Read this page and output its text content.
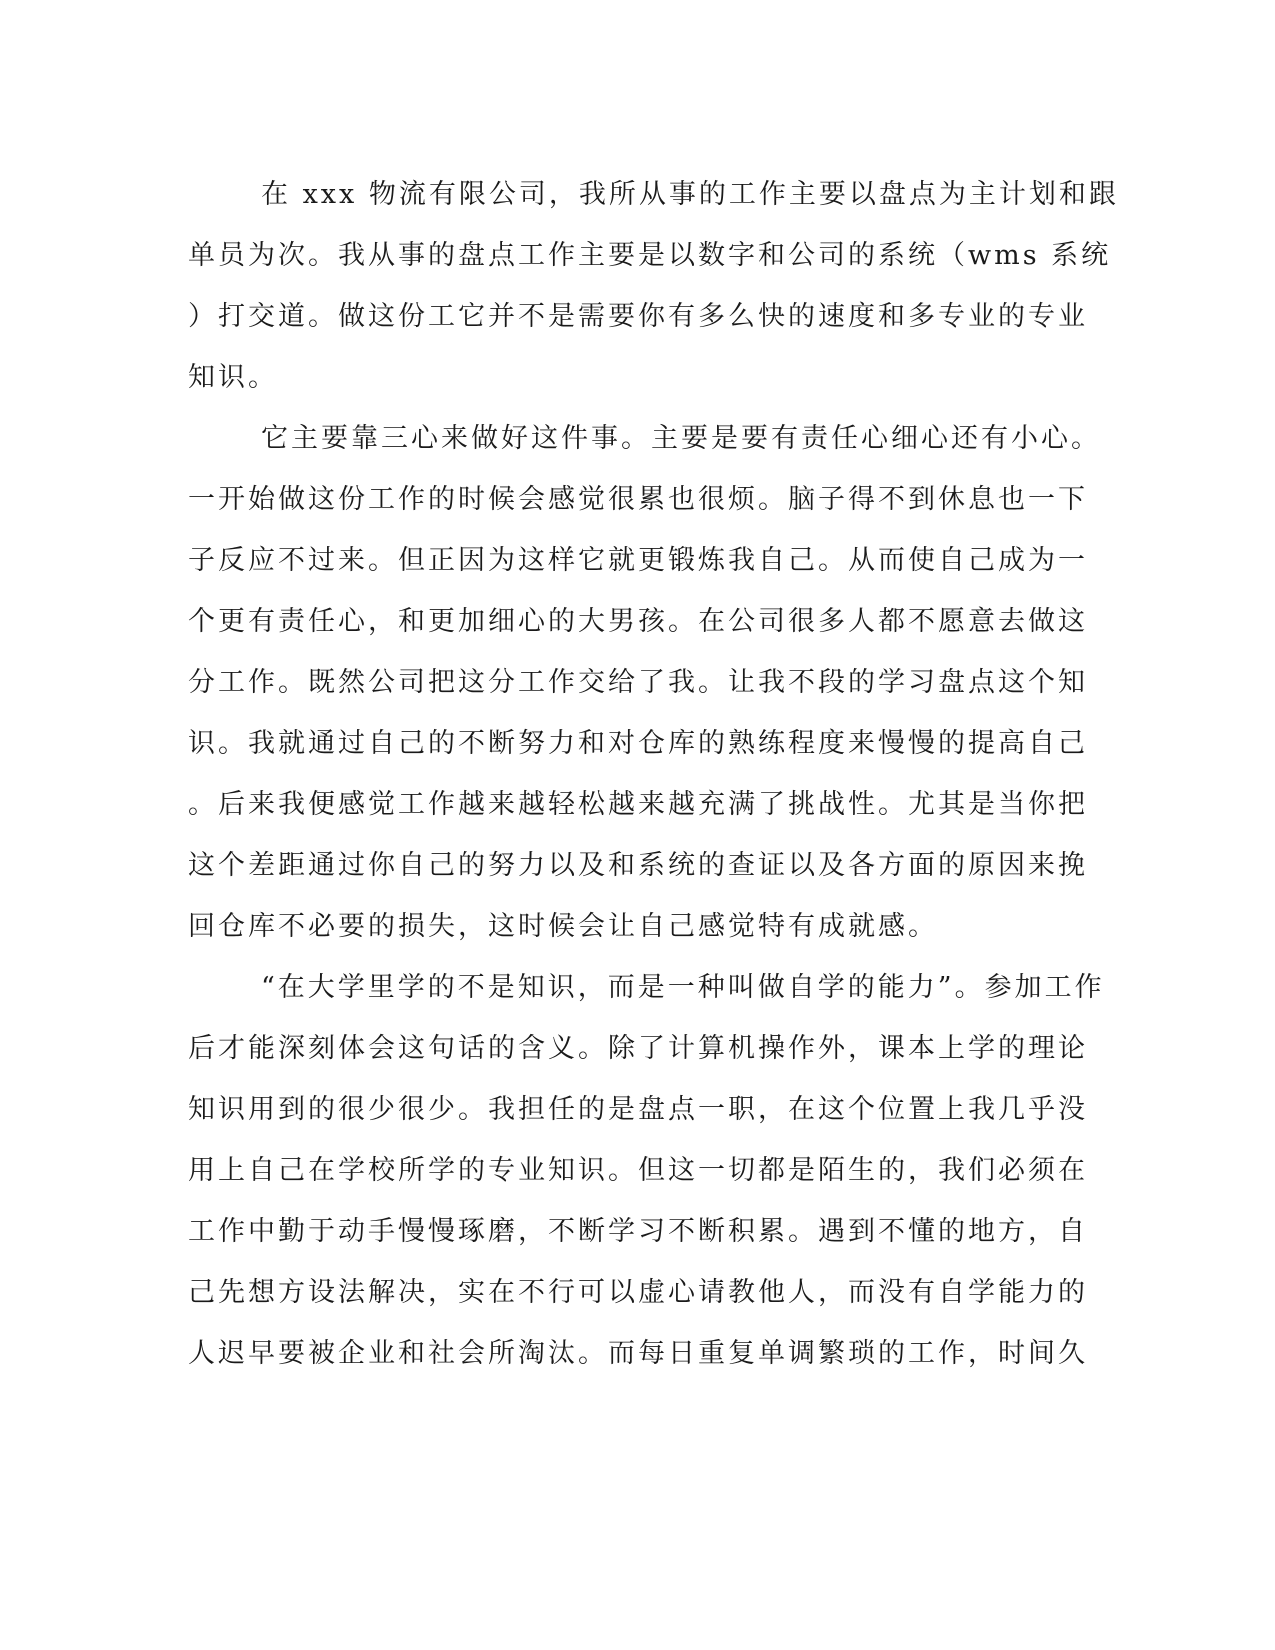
在 xxx 物流有限公司，我所从事的工作主要以盘点为主计划和跟
单员为次。我从事的盘点工作主要是以数字和公司的系统（wms 系统
）打交道。做这份工它并不是需要你有多么快的速度和多专业的专业
知识。
它主要靠三心来做好这件事。主要是要有责任心细心还有小心。
一开始做这份工作的时候会感觉很累也很烦。脑子得不到休息也一下
子反应不过来。但正因为这样它就更锻炼我自己。从而使自己成为一
个更有责任心，和更加细心的大男孩。在公司很多人都不愿意去做这
分工作。既然公司把这分工作交给了我。让我不段的学习盘点这个知
识。我就通过自己的不断努力和对仓库的熟练程度来慢慢的提高自己
。后来我便感觉工作越来越轻松越来越充满了挑战性。尤其是当你把
这个差距通过你自己的努力以及和系统的查证以及各方面的原因来挽
回仓库不必要的损失，这时候会让自己感觉特有成就感。
“在大学里学的不是知识，而是一种叫做自学的能力”。参加工作
后才能深刻体会这句话的含义。除了计算机操作外，课本上学的理论
知识用到的很少很少。我担任的是盘点一职，在这个位置上我几乎没
用上自己在学校所学的专业知识。但这一切都是陌生的，我们必须在
工作中勤于动手慢慢琢磨，不断学习不断积累。遇到不懂的地方，自
己先想方设法解决，实在不行可以虚心请教他人，而没有自学能力的
人迟早要被企业和社会所淘汰。而每日重复单调繁琐的工作，时间久
